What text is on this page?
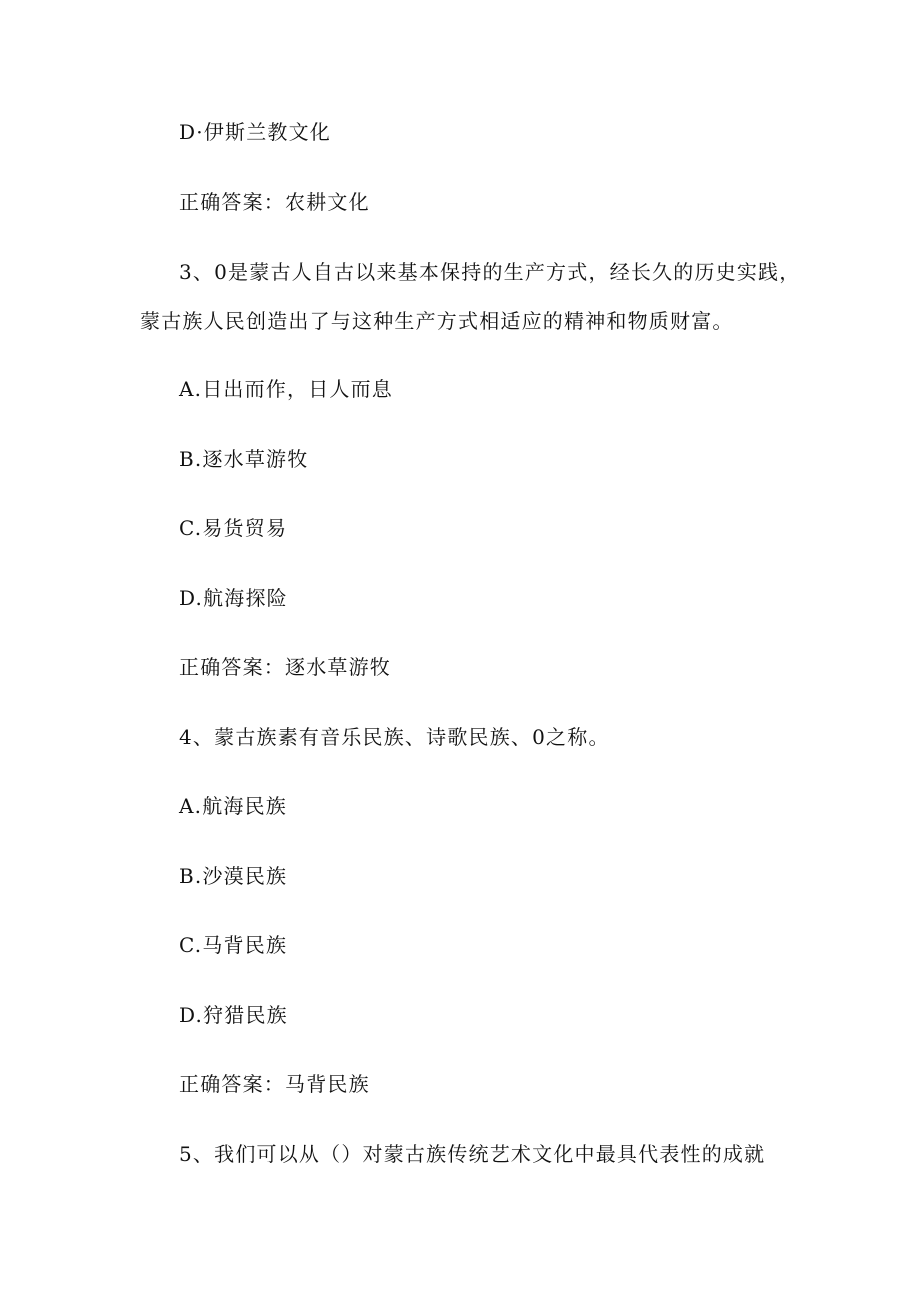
D·伊斯兰教文化
正确答案：农耕文化
3、0是蒙古人自古以来基本保持的生产方式，经长久的历史实践，
蒙古族人民创造出了与这种生产方式相适应的精神和物质财富。
A.日出而作，日人而息
B.逐水草游牧
C.易货贸易
D.航海探险
正确答案：逐水草游牧
4、蒙古族素有音乐民族、诗歌民族、0之称。
A.航海民族
B.沙漠民族
C.马背民族
D.狩猎民族
正确答案：马背民族
5、我们可以从（）对蒙古族传统艺术文化中最具代表性的成就
